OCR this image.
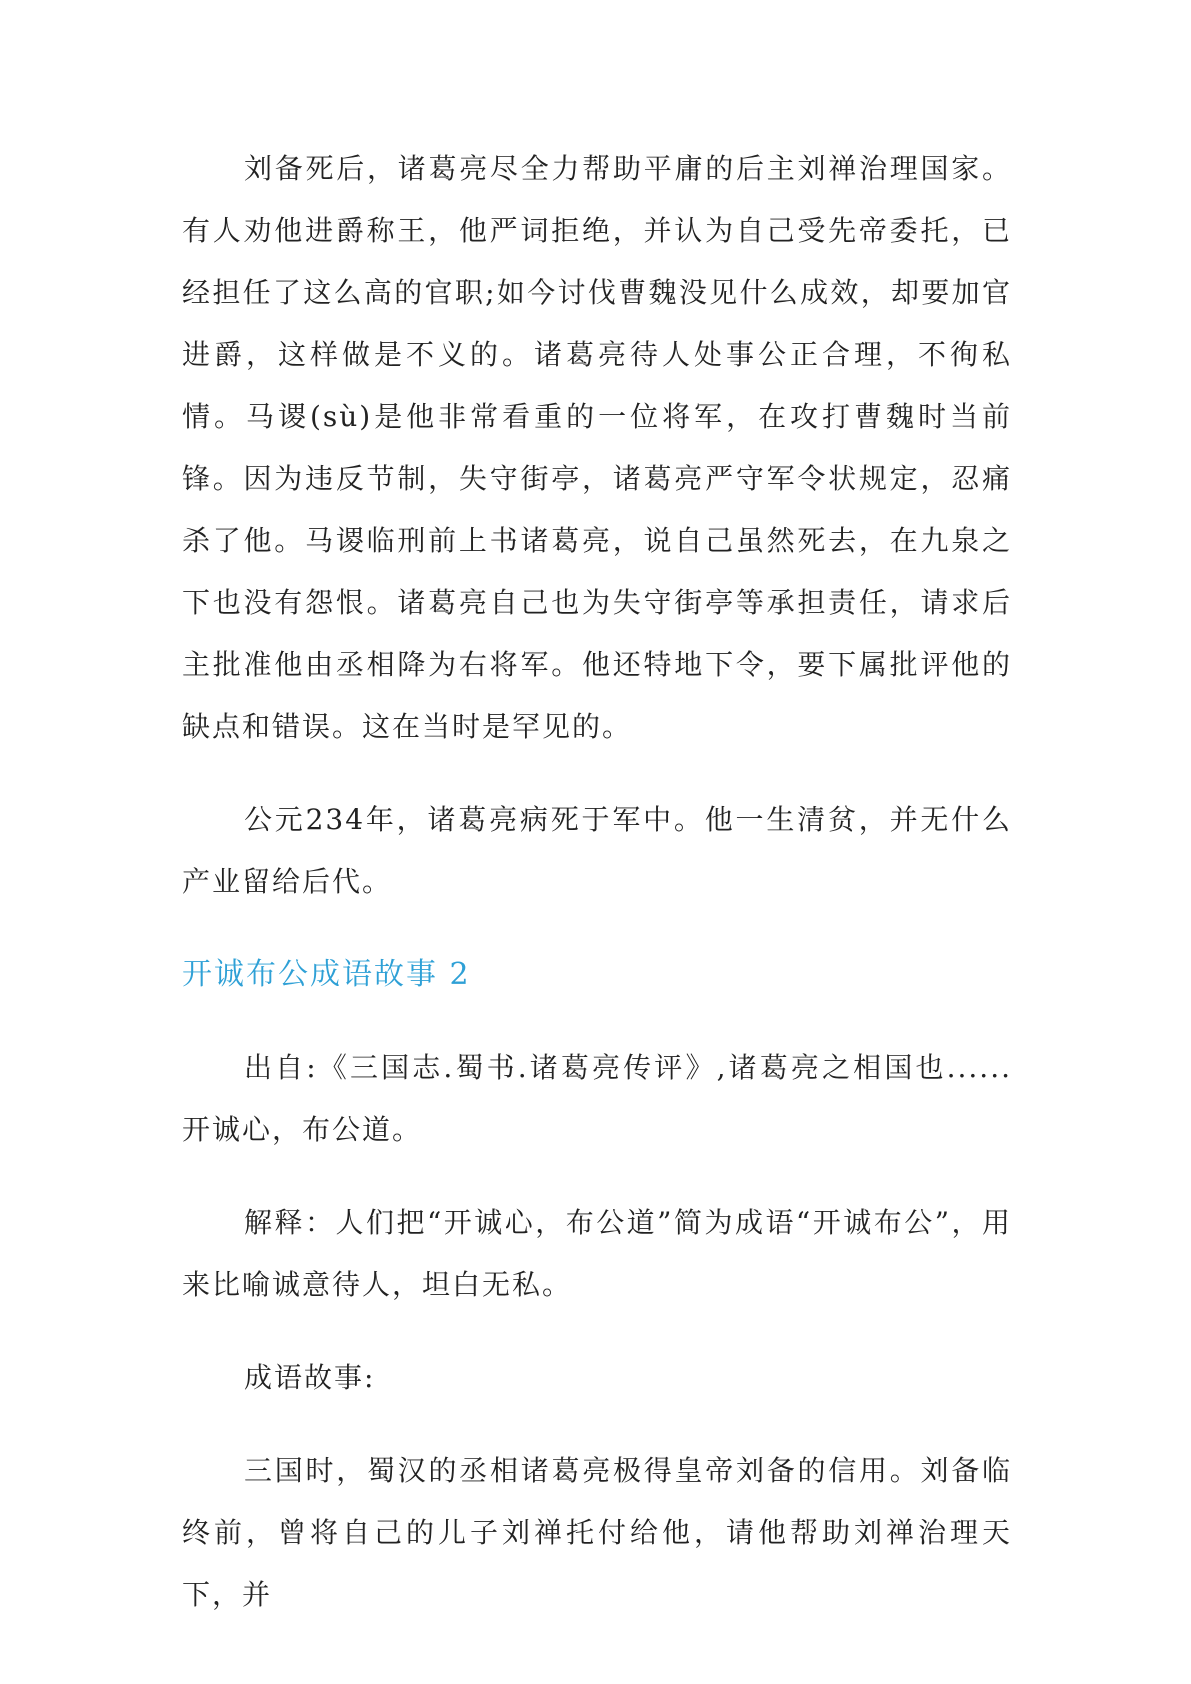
刘备死后，诸葛亮尽全力帮助平庸的后主刘禅治理国家。有人劝他进爵称王，他严词拒绝，并认为自己受先帝委托，已经担任了这么高的官职;如今讨伐曹魏没见什么成效，却要加官进爵，这样做是不义的。诸葛亮待人处事公正合理，不徇私情。马谡(sù)是他非常看重的一位将军，在攻打曹魏时当前锋。因为违反节制，失守街亭，诸葛亮严守军令状规定，忍痛杀了他。马谡临刑前上书诸葛亮，说自己虽然死去，在九泉之下也没有怨恨。诸葛亮自己也为失守街亭等承担责任，请求后主批准他由丞相降为右将军。他还特地下令，要下属批评他的缺点和错误。这在当时是罕见的。

公元234年，诸葛亮病死于军中。他一生清贫，并无什么产业留给后代。

开诚布公成语故事 2

出自:《三国志.蜀书.诸葛亮传评》,诸葛亮之相国也......开诚心，布公道。

解释：人们把“开诚心，布公道”简为成语“开诚布公”，用来比喻诚意待人，坦白无私。

成语故事:

三国时，蜀汉的丞相诸葛亮极得皇帝刘备的信用。刘备临终前，曾将自己的儿子刘禅托付给他，请他帮助刘禅治理天下，并
